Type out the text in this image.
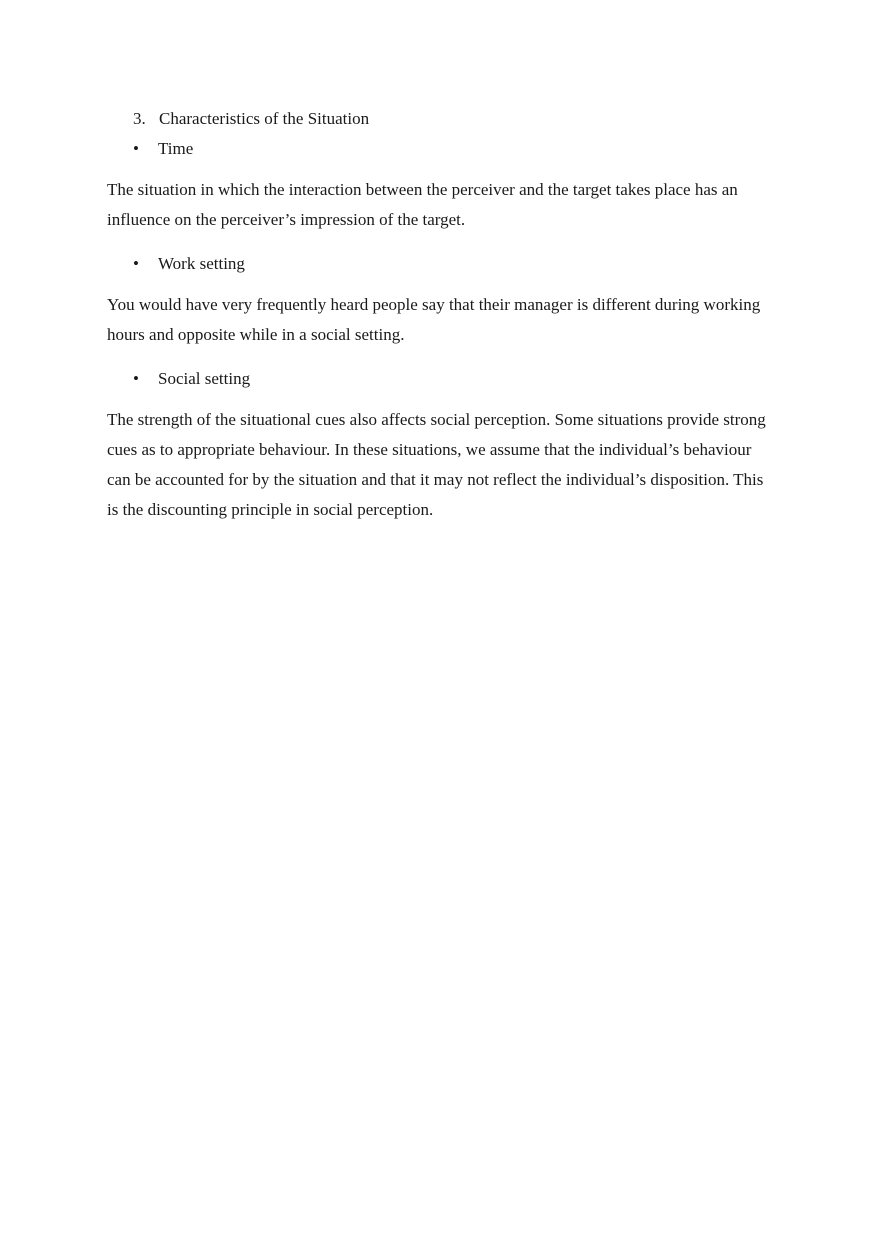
3. Characteristics of the Situation
•	Time

The situation in which the interaction between the perceiver and the target takes place has an influence on the perceiver’s impression of the target.

•	Work setting

You would have very frequently heard people say that their manager is different during working hours and opposite while in a social setting.

•	Social setting

The strength of the situational cues also affects social perception. Some situations provide strong cues as to appropriate behaviour. In these situations, we assume that the individual’s behaviour can be accounted for by the situation and that it may not reflect the individual’s disposition. This is the discounting principle in social perception.
